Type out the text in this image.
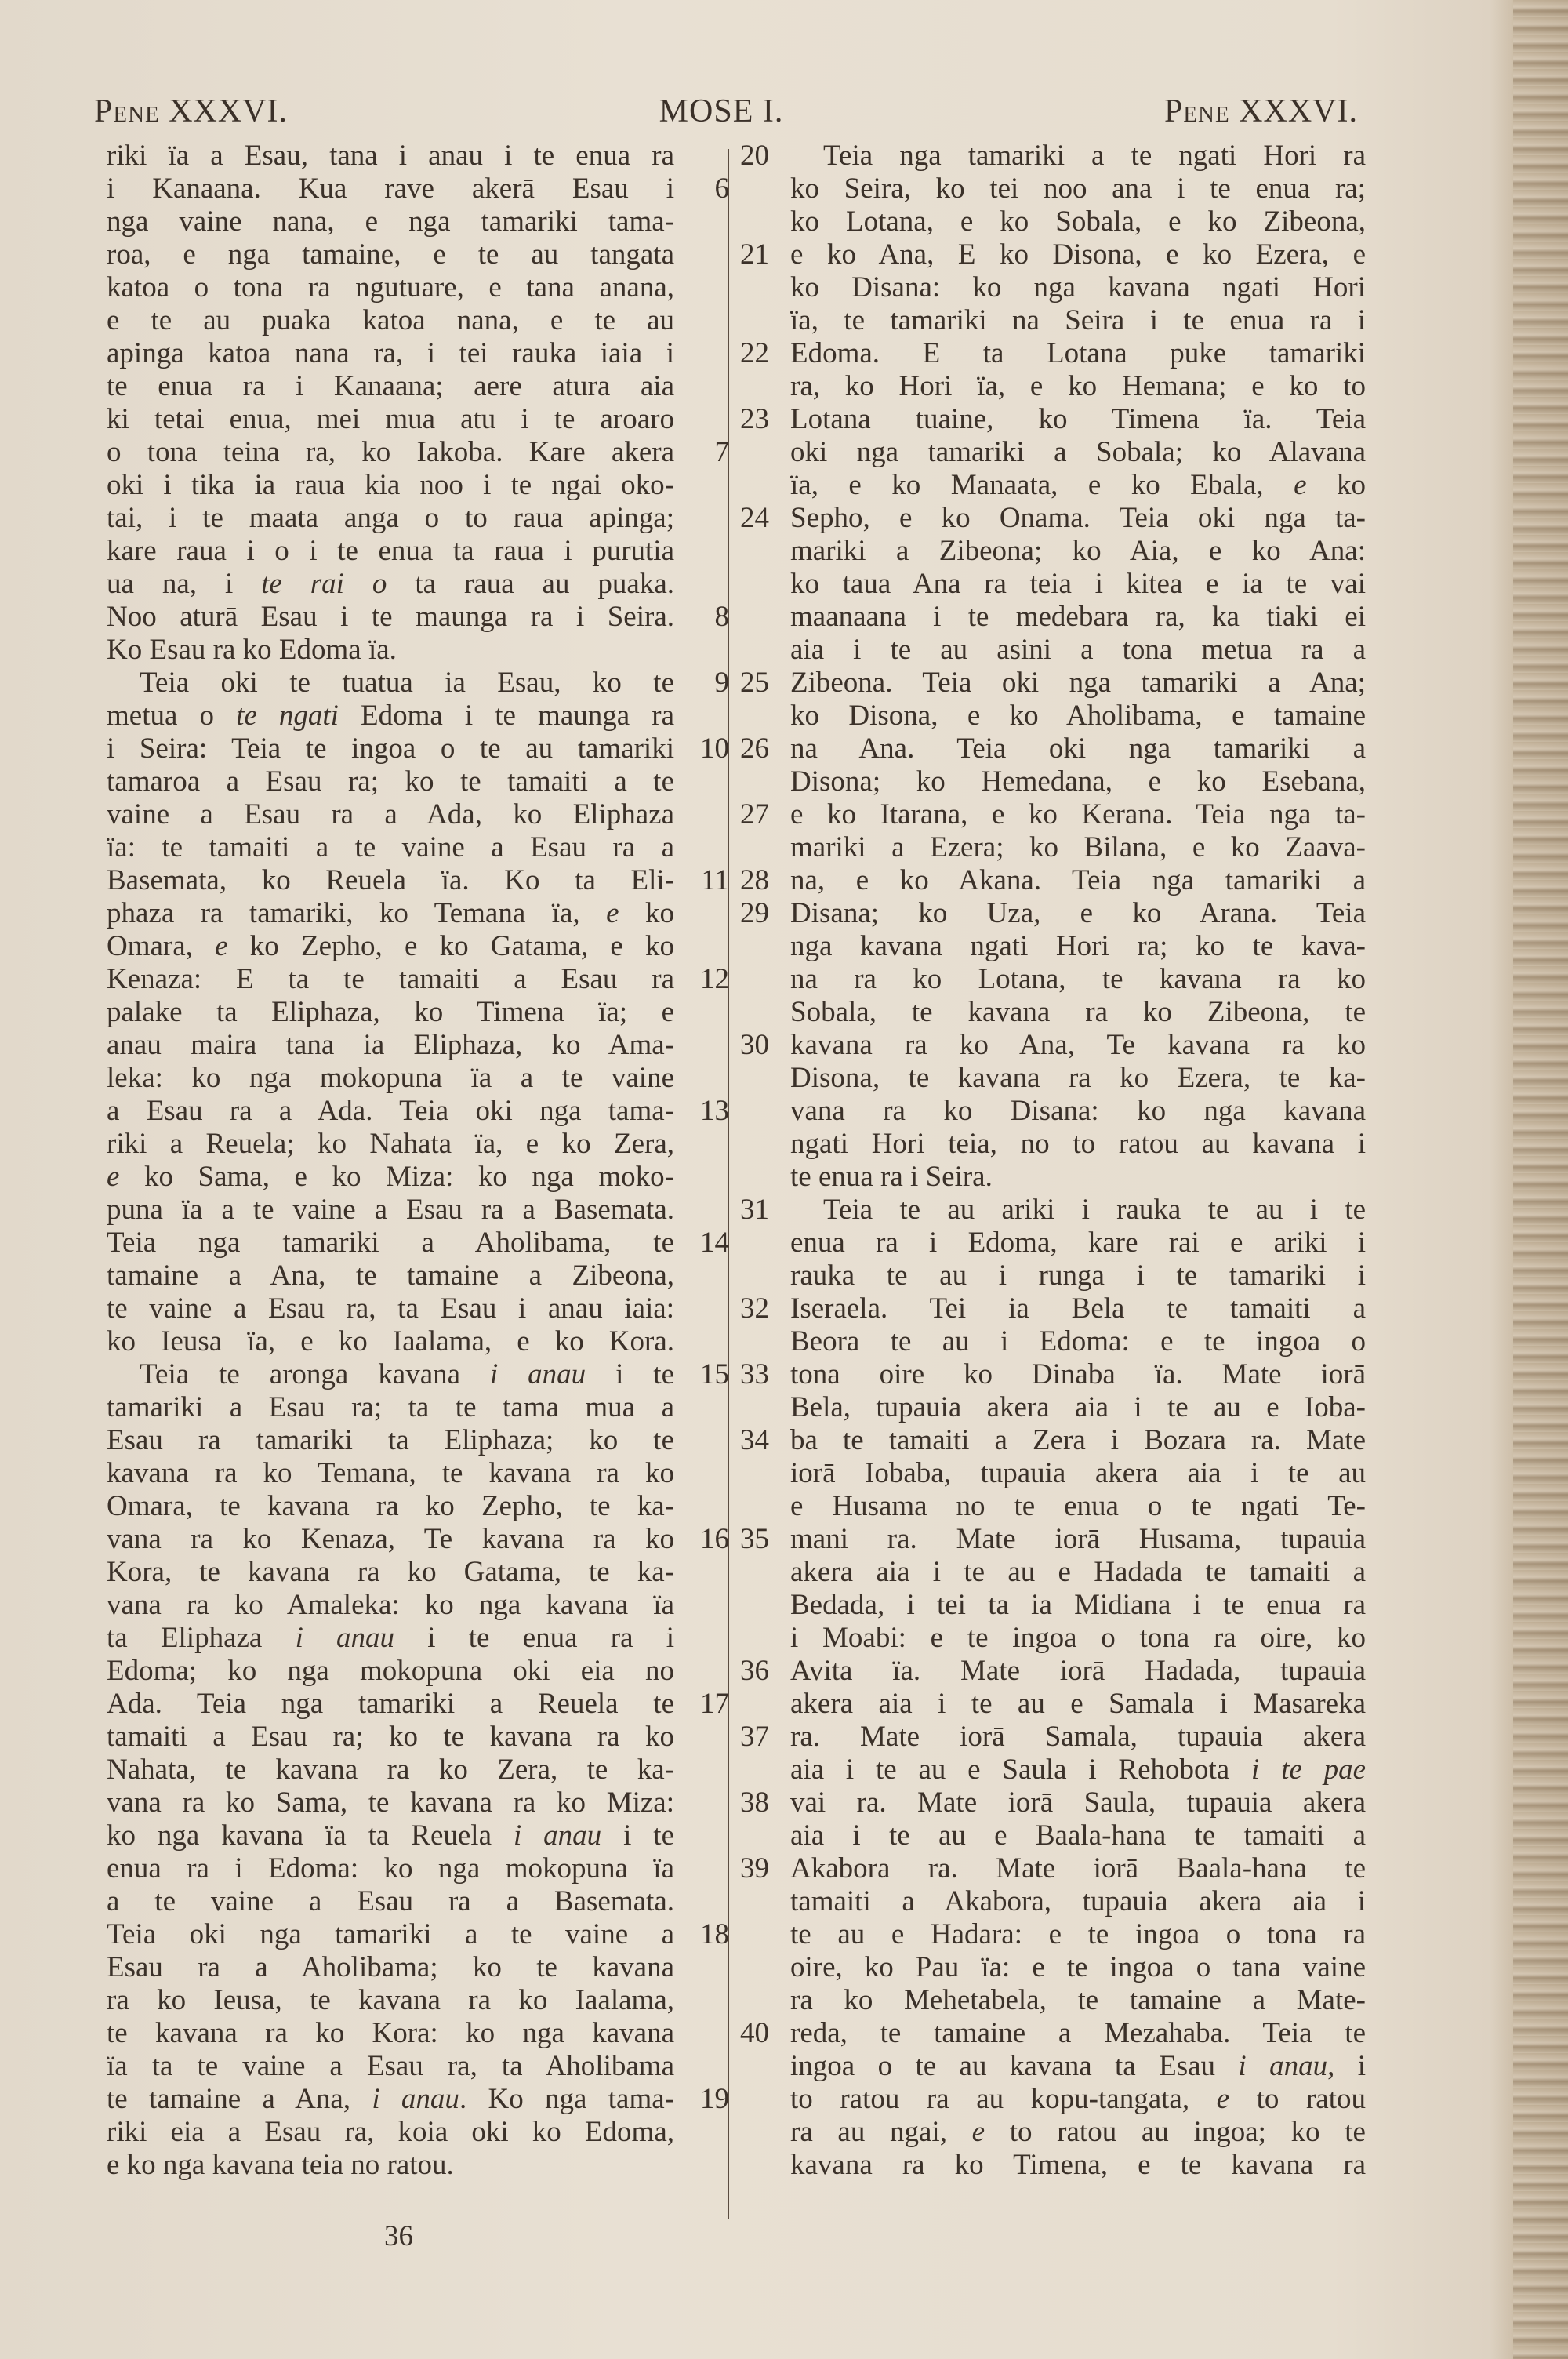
Pene XXXVI.	MOSE I.	Pene XXXVI.
riki ïa a Esau, tana i anau i te enua ra
i Kanaana. Kua rave akerā Esau i	6
nga vaine nana, e nga tamariki tama-
roa, e nga tamaine, e te au tangata
katoa o tona ra ngutuare, e tana anana,
e te au puaka katoa nana, e te au
apinga katoa nana ra, i tei rauka iaia i
te enua ra i Kanaana; aere atura aia
ki tetai enua, mei mua atu i te aroaro
o tona teina ra, ko Iakoba. Kare akera	7
oki i tika ia raua kia noo i te ngai oko-
tai, i te maata anga o to raua apinga;
kare raua i o i te enua ta raua i purutia
ua na, i te rai o ta raua au puaka.
Noo aturā Esau i te maunga ra i Seira.	8
Ko Esau ra ko Edoma ïa.
Teia oki te tuatua ia Esau, ko te	9
metua o te ngati Edoma i te maunga ra
i Seira: Teia te ingoa o te au tamariki 10
tamaroa a Esau ra; ko te tamaiti a te
vaine a Esau ra a Ada, ko Eliphaza
ïa: te tamaiti a te vaine a Esau ra a
Basemata, ko Reuela ïa. Ko ta Eli- 11
phaza ra tamariki, ko Temana ïa, e ko
Omara, e ko Zepho, e ko Gatama, e ko
Kenaza: E ta te tamaiti a Esau ra 12
palake ta Eliphaza, ko Timena ïa; e
anau maira tana ia Eliphaza, ko Ama-
leka: ko nga mokopuna ïa a te vaine
a Esau ra a Ada. Teia oki nga tama- 13
riki a Reuela; ko Nahata ïa, e ko Zera,
e ko Sama, e ko Miza: ko nga moko-
puna ïa a te vaine a Esau ra a Basemata.
Teia nga tamariki a Aholibama, te 14
tamaine a Ana, te tamaine a Zibeona,
te vaine a Esau ra, ta Esau i anau iaia:
ko Ieusa ïa, e ko Iaalama, e ko Kora.
Teia te aronga kavana i anau i te 15
tamariki a Esau ra; ta te tama mua a
Esau ra tamariki ta Eliphaza; ko te
kavana ra ko Temana, te kavana ra ko
Omara, te kavana ra ko Zepho, te ka-
vana ra ko Kenaza, Te kavana ra ko 16
Kora, te kavana ra ko Gatama, te ka-
vana ra ko Amaleka: ko nga kavana ïa
ta Eliphaza i anau i te enua ra i
Edoma; ko nga mokopuna oki eia no
Ada. Teia nga tamariki a Reuela te 17
tamaiti a Esau ra; ko te kavana ra ko
Nahata, te kavana ra ko Zera, te ka-
vana ra ko Sama, te kavana ra ko Miza:
ko nga kavana ïa ta Reuela i anau i te
enua ra i Edoma: ko nga mokopuna ïa
a te vaine a Esau ra a Basemata.
Teia oki nga tamariki a te vaine a 18
Esau ra a Aholibama; ko te kavana
ra ko Ieusa, te kavana ra ko Iaalama,
te kavana ra ko Kora: ko nga kavana
ïa ta te vaine a Esau ra, ta Aholibama
te tamaine a Ana, i anau. Ko nga tama- 19
riki eia a Esau ra, koia oki ko Edoma,
e ko nga kavana teia no ratou.
20	Teia nga tamariki a te ngati Hori ra
ko Seira, ko tei noo ana i te enua ra;
ko Lotana, e ko Sobala, e ko Zibeona,
21 e ko Ana, E ko Disona, e ko Ezera, e
ko Disana: ko nga kavana ngati Hori
ïa, te tamariki na Seira i te enua ra i
22 Edoma. E ta Lotana puke tamariki
ra, ko Hori ïa, e ko Hemana; e ko to
23 Lotana tuaine, ko Timena ïa. Teia
oki nga tamariki a Sobala; ko Alavana
ïa, e ko Manaata, e ko Ebala, e ko
24 Sepho, e ko Onama. Teia oki nga ta-
mariki a Zibeona; ko Aia, e ko Ana:
ko taua Ana ra teia i kitea e ia te vai
maanaana i te medebara ra, ka tiaki ei
aia i te au asini a tona metua ra a
25 Zibeona. Teia oki nga tamariki a Ana;
ko Disona, e ko Aholibama, e tamaine
26 na Ana. Teia oki nga tamariki a
Disona; ko Hemedana, e ko Esebana,
27 e ko Itarana, e ko Kerana. Teia nga ta-
mariki a Ezera; ko Bilana, e ko Zaava-
28 na, e ko Akana. Teia nga tamariki a
29 Disana; ko Uza, e ko Arana. Teia
nga kavana ngati Hori ra; ko te kava-
na ra ko Lotana, te kavana ra ko
Sobala, te kavana ra ko Zibeona, te
30 kavana ra ko Ana, Te kavana ra ko
Disona, te kavana ra ko Ezera, te ka-
vana ra ko Disana: ko nga kavana
ngati Hori teia, no to ratou au kavana i
te enua ra i Seira.
31	Teia te au ariki i rauka te au i te
enua ra i Edoma, kare rai e ariki i
rauka te au i runga i te tamariki i
32 Iseraela. Tei ia Bela te tamaiti a
Beora te au i Edoma: e te ingoa o
33 tona oire ko Dinaba ïa. Mate iorā
Bela, tupauia akera aia i te au e Ioba-
34 ba te tamaiti a Zera i Bozara ra. Mate
iorā Iobaba, tupauia akera aia i te au
e Husama no te enua o te ngati Te-
35 mani ra. Mate iorā Husama, tupauia
akera aia i te au e Hadada te tamaiti a
Bedada, i tei ta ia Midiana i te enua ra
i Moabi: e te ingoa o tona ra oire, ko
36 Avita ïa. Mate iorā Hadada, tupauia
akera aia i te au e Samala i Masareka
37 ra. Mate iorā Samala, tupauia akera
aia i te au e Saula i Rehobota i te pae
38 vai ra. Mate iorā Saula, tupauia akera
aia i te au e Baala-hana te tamaiti a
39 Akabora ra. Mate iorā Baala-hana te
tamaiti a Akabora, tupauia akera aia i
te au e Hadara: e te ingoa o tona ra
oire, ko Pau ïa: e te ingoa o tana vaine
ra ko Mehetabela, te tamaine a Mate-
40 reda, te tamaine a Mezahaba. Teia te
ingoa o te au kavana ta Esau i anau, i
to ratou ra au kopu-tangata, e to ratou
ra au ngai, e to ratou au ingoa; ko te
kavana ra ko Timena, e te kavana ra
36
